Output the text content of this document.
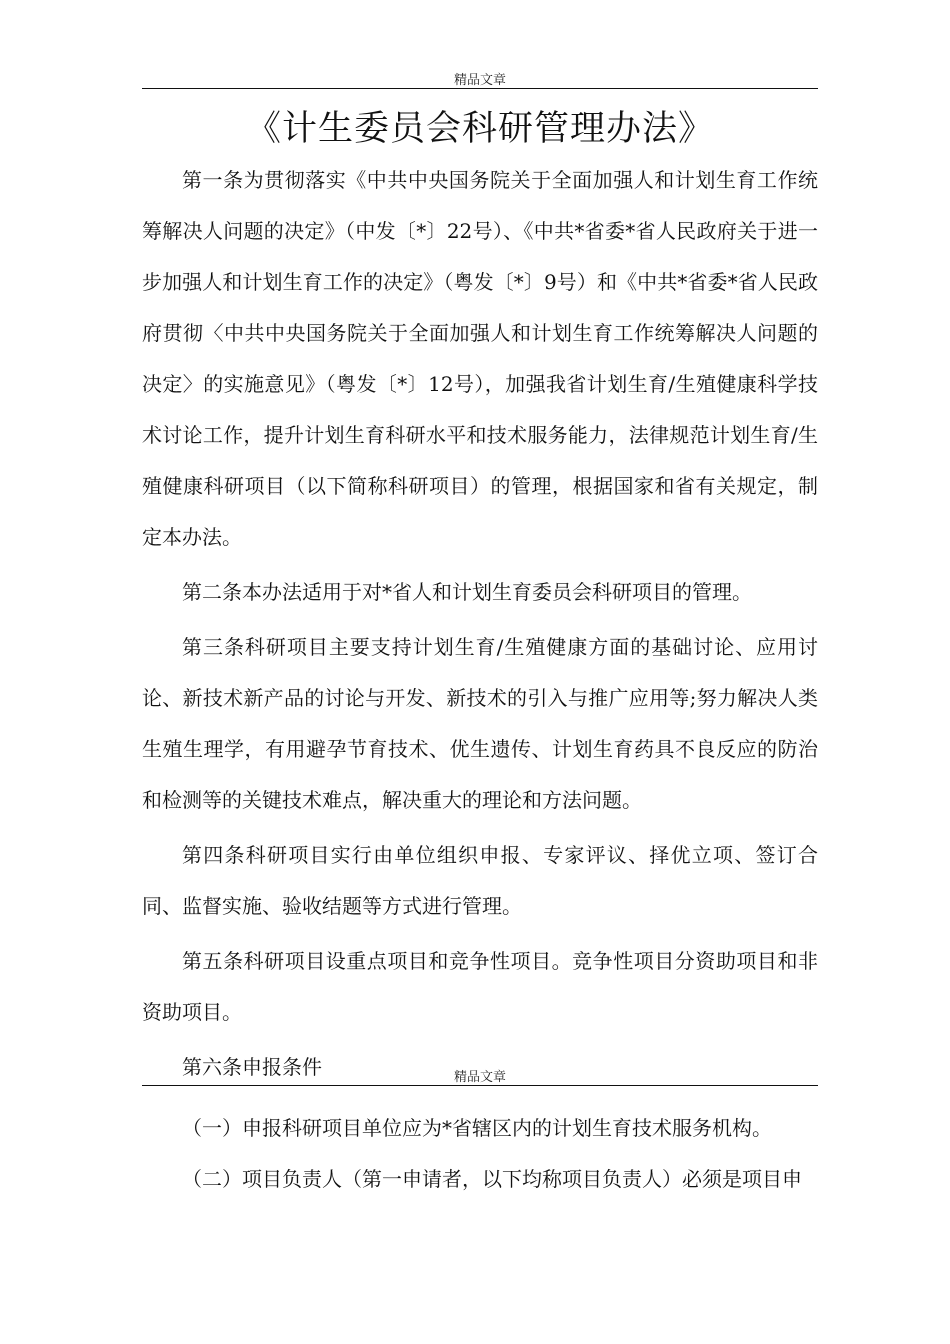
精品文章
《计生委员会科研管理办法》

第一条为贯彻落实《中共中央国务院关于全面加强人和计划生育工作统筹解决人问题的决定》（中发〔*〕22号）、《中共*省委*省人民政府关于进一步加强人和计划生育工作的决定》（粤发〔*〕9号）和《中共*省委*省人民政府贯彻〈中共中央国务院关于全面加强人和计划生育工作统筹解决人问题的决定〉的实施意见》（粤发〔*〕12号），加强我省计划生育/生殖健康科学技术讨论工作，提升计划生育科研水平和技术服务能力，法律规范计划生育/生殖健康科研项目（以下简称科研项目）的管理，根据国家和省有关规定，制定本办法。

第二条本办法适用于对*省人和计划生育委员会科研项目的管理。

第三条科研项目主要支持计划生育/生殖健康方面的基础讨论、应用讨论、新技术新产品的讨论与开发、新技术的引入与推广应用等;努力解决人类生殖生理学，有用避孕节育技术、优生遗传、计划生育药具不良反应的防治和检测等的关键技术难点，解决重大的理论和方法问题。

第四条科研项目实行由单位组织申报、专家评议、择优立项、签订合同、监督实施、验收结题等方式进行管理。

第五条科研项目设重点项目和竞争性项目。竞争性项目分资助项目和非资助项目。

第六条申报条件	精品文章

（一）申报科研项目单位应为*省辖区内的计划生育技术服务机构。

（二）项目负责人（第一申请者，以下均称项目负责人）必须是项目申
